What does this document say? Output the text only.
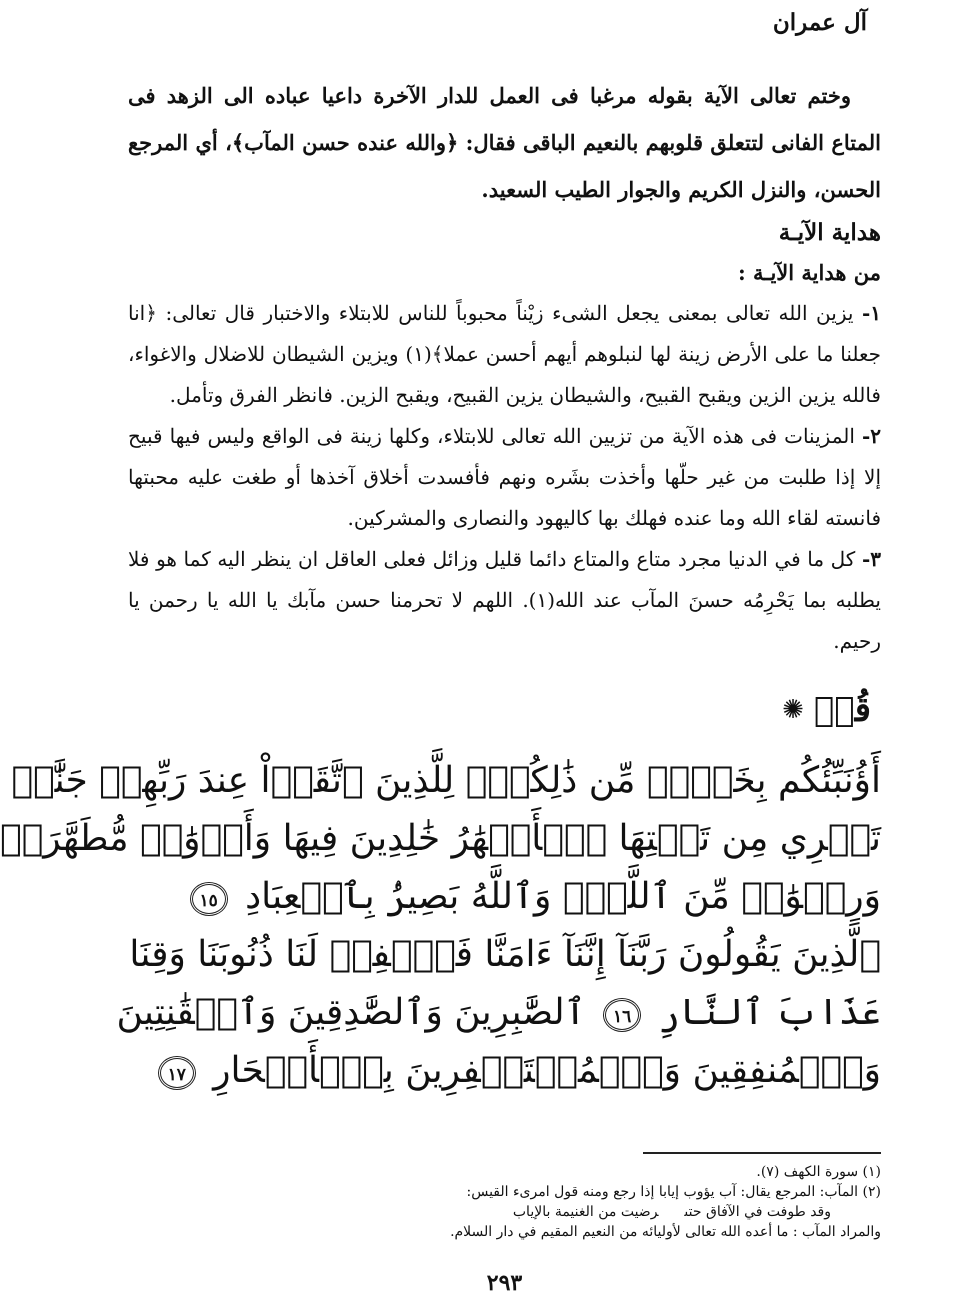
آل عمران

وختم تعالى الآية بقوله مرغبا فى العمل للدار الآخرة داعيا عباده الى الزهد فى المتاع الفانى لتتعلق قلوبهم بالنعيم الباقى فقال: ﴿والله عنده حسن المآب﴾، أي المرجع الحسن، والنزل الكريم والجوار الطيب السعيد.

هداية الآيـة
من هداية الآيـة :

١- يزين الله تعالى بمعنى يجعل الشىء زيْناً محبوباً للناس للابتلاء والاختبار قال تعالى: ﴿انا جعلنا ما على الأرض زينة لها لنبلوهم أيهم أحسن عملا﴾(١) ويزين الشيطان للاضلال والاغواء، فالله يزين الزين ويقبح القبيح، والشيطان يزين القبيح، ويقبح الزين. فانظر الفرق وتأمل.

٢- المزينات فى هذه الآية من تزيين الله تعالى للابتلاء، وكلها زينة فى الواقع وليس فيها قبيح إلا إذا طلبت من غير حلّها وأخذت بشَره ونهم فأفسدت أخلاق آخذها أو طغت عليه محبتها فانسته لقاء الله وما عنده فهلك بها كاليهود والنصارى والمشركين.

٣- كل ما في الدنيا مجرد متاع والمتاع دائما قليل وزائل فعلى العاقل ان ينظر اليه كما هو فلا يطلبه بما يَحْرِمُه حسنَ المآب عند الله(١). اللهم لا تحرمنا حسن مآبك يا الله يا رحمن يا رحيم.

قُلۡ
✺
أَؤُنَبِّئُكُم بِخَيۡرٖ مِّن ذَٰلِكُمۡۖ لِلَّذِينَ ٱتَّقَوۡاْ عِندَ رَبِّهِمۡ جَنَّٰتٞ
تَجۡرِي مِن تَحۡتِهَا ٱلۡأَنۡهَٰرُ خَٰلِدِينَ فِيهَا وَأَزۡوَٰجٞ مُّطَهَّرَةٞ
وَرِضۡوَٰنٞ مِّنَ ٱللَّهِۗ وَٱللَّهُ بَصِيرُۢ بِٱلۡعِبَادِ ١٥
ٱلَّذِينَ يَقُولُونَ رَبَّنَآ إِنَّنَآ ءَامَنَّا فَٱغۡفِرۡ لَنَا ذُنُوبَنَا وَقِنَا
عَذَابَ ٱلنَّارِ ١٦ ٱلصَّٰبِرِينَ وَٱلصَّٰدِقِينَ وَٱلۡقَٰنِتِينَ
وَٱلۡمُنفِقِينَ وَٱلۡمُسۡتَغۡفِرِينَ بِٱلۡأَسۡحَارِ ١٧

(١) سورة الكهف (٧).

(٢) المآب: المرجع يقال: آب يؤوب إيابا إذا رجع ومنه قول امرىء القيس:

وقد طوفت في الآفاق حتىرضيت من الغنيمة بالإياب

والمراد المآب : ما أعده الله تعالى لأوليائه من النعيم المقيم في دار السلام.

٢٩٣
